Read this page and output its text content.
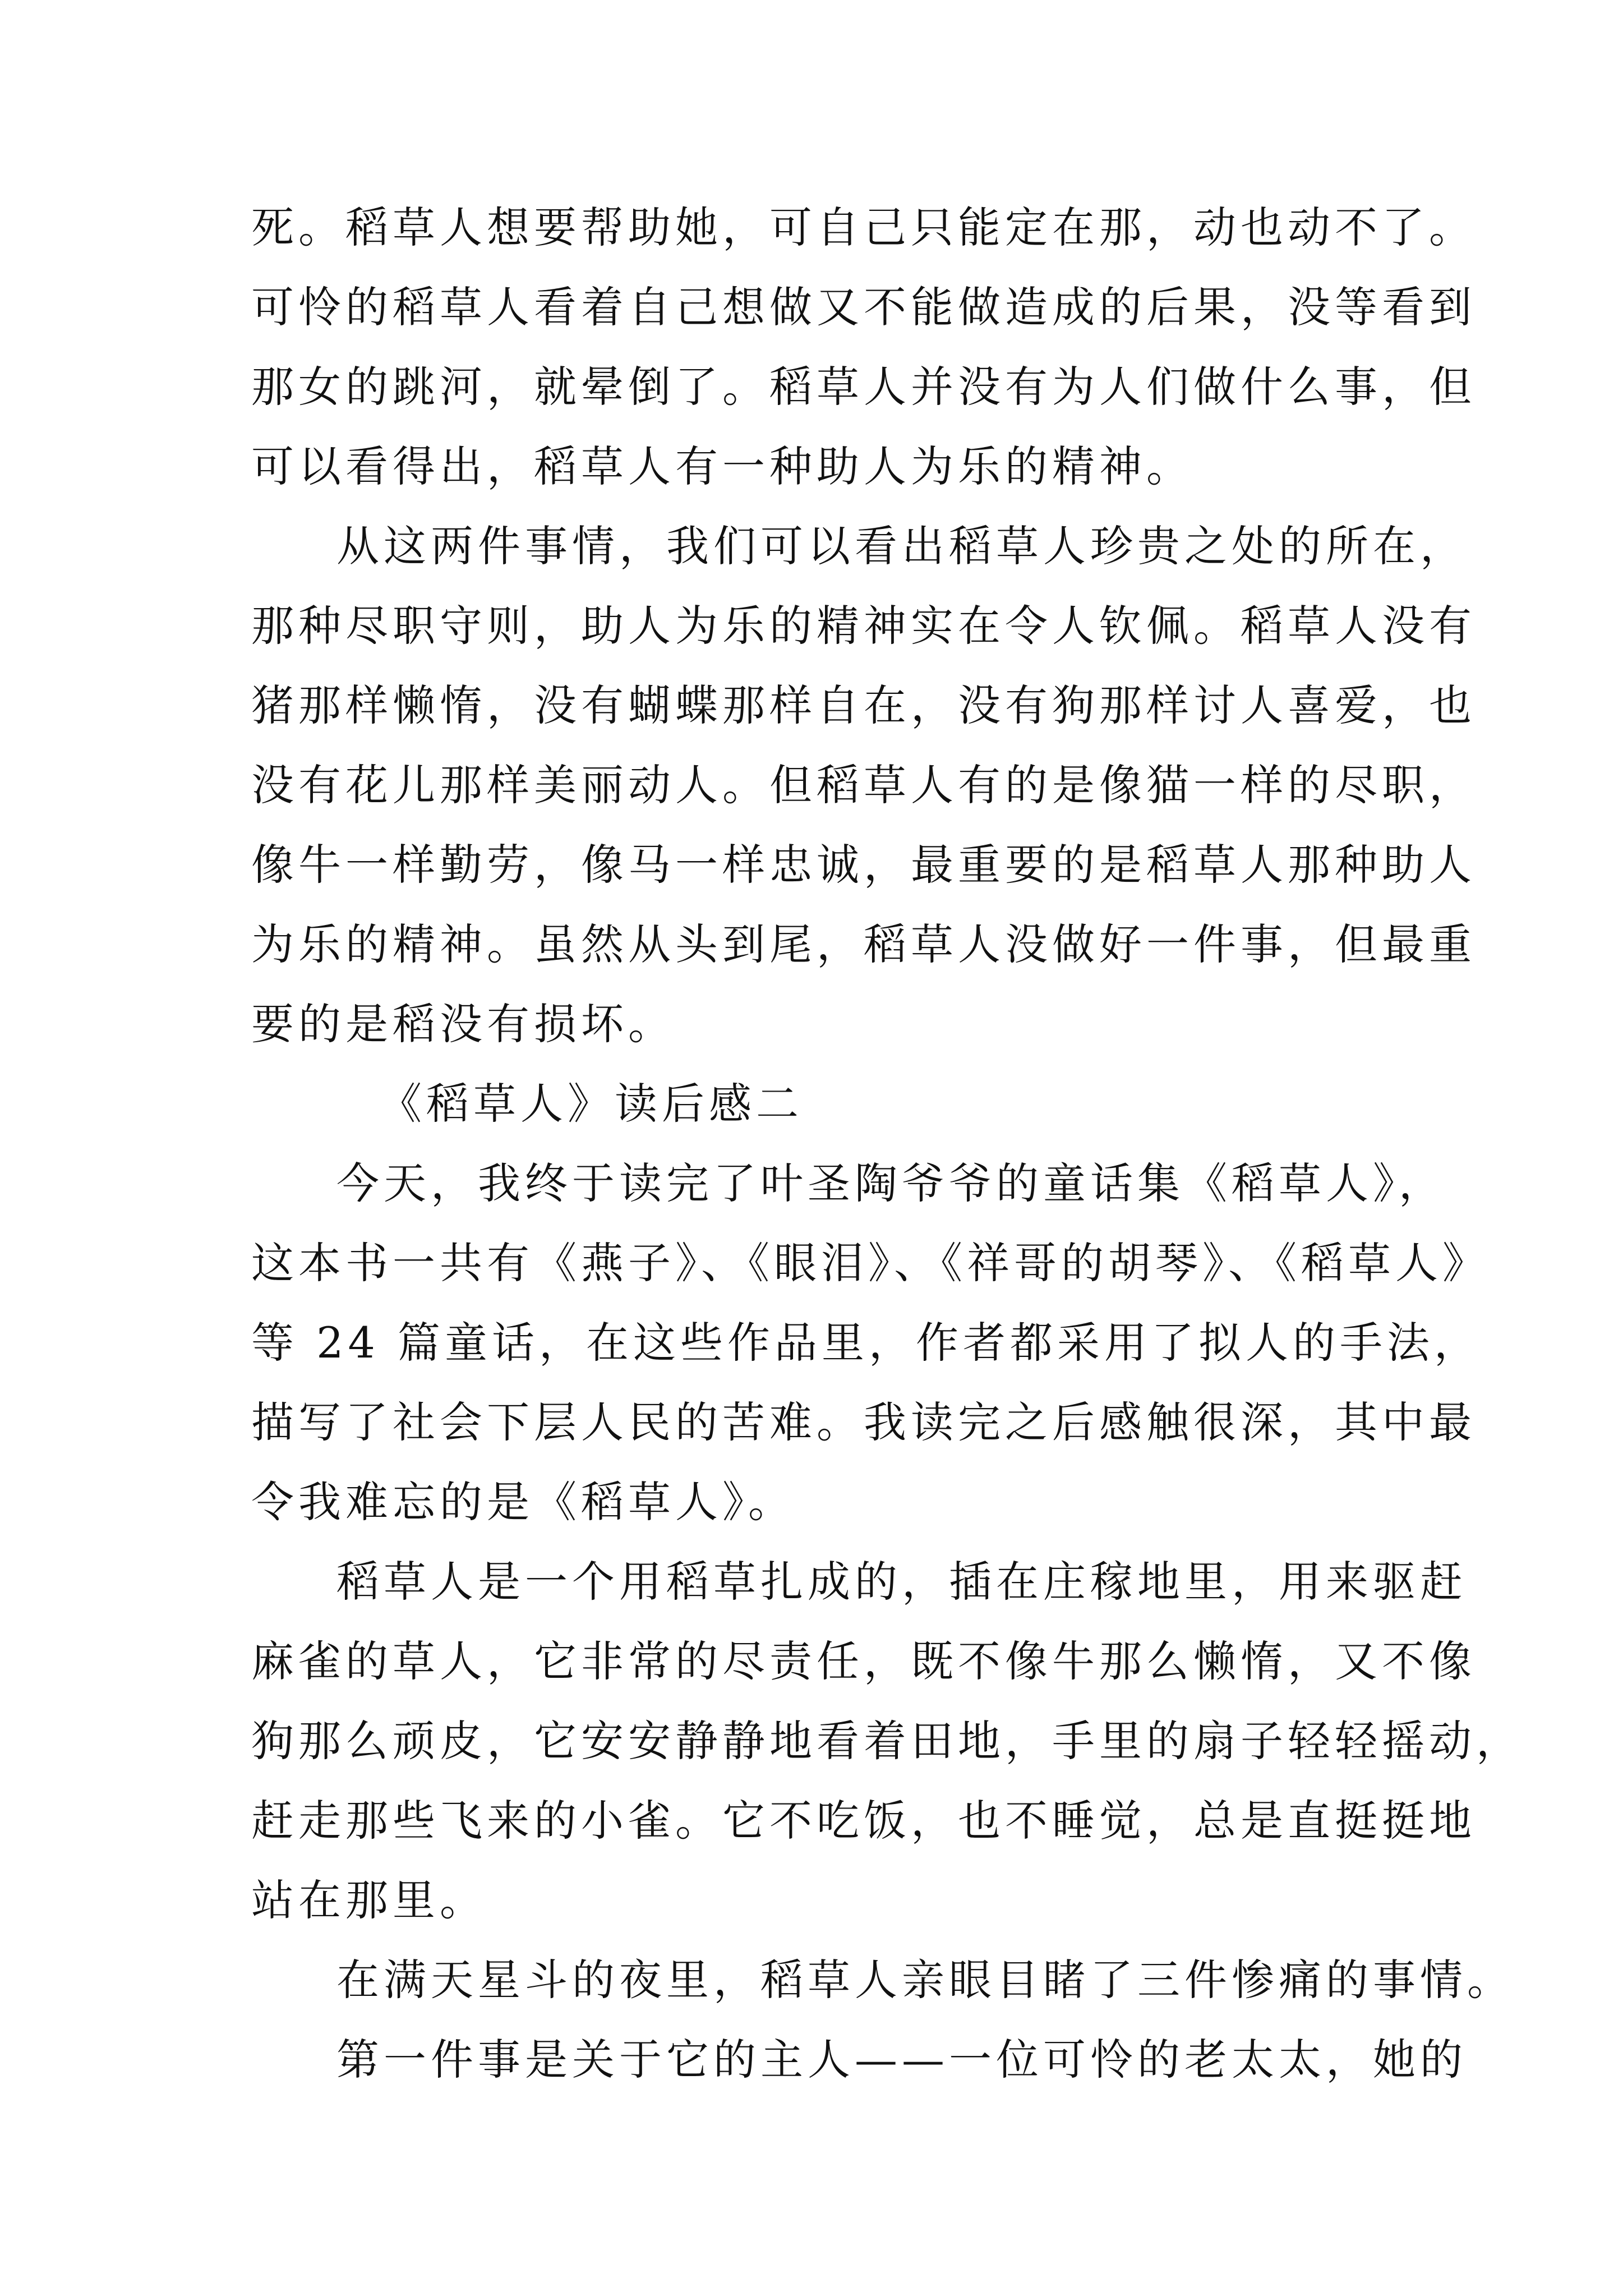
死。稻草人想要帮助她，可自己只能定在那，动也动不了。
可怜的稻草人看着自己想做又不能做造成的后果，没等看到
那女的跳河，就晕倒了。稻草人并没有为人们做什么事，但
可以看得出，稻草人有一种助人为乐的精神。
从这两件事情，我们可以看出稻草人珍贵之处的所在，
那种尽职守则，助人为乐的精神实在令人钦佩。稻草人没有
猪那样懒惰，没有蝴蝶那样自在，没有狗那样讨人喜爱，也
没有花儿那样美丽动人。但稻草人有的是像猫一样的尽职，
像牛一样勤劳，像马一样忠诚，最重要的是稻草人那种助人
为乐的精神。虽然从头到尾，稻草人没做好一件事，但最重
要的是稻没有损坏。
《稻草人》读后感二
今天，我终于读完了叶圣陶爷爷的童话集《稻草人》，
这本书一共有《燕子》、《眼泪》、《祥哥的胡琴》、《稻草人》
等 24 篇童话，在这些作品里，作者都采用了拟人的手法，
描写了社会下层人民的苦难。我读完之后感触很深，其中最
令我难忘的是《稻草人》。
稻草人是一个用稻草扎成的，插在庄稼地里，用来驱赶
麻雀的草人，它非常的尽责任，既不像牛那么懒惰，又不像
狗那么顽皮，它安安静静地看着田地，手里的扇子轻轻摇动，
赶走那些飞来的小雀。它不吃饭，也不睡觉，总是直挺挺地
站在那里。
在满天星斗的夜里，稻草人亲眼目睹了三件惨痛的事情。
第一件事是关于它的主人——一位可怜的老太太，她的
